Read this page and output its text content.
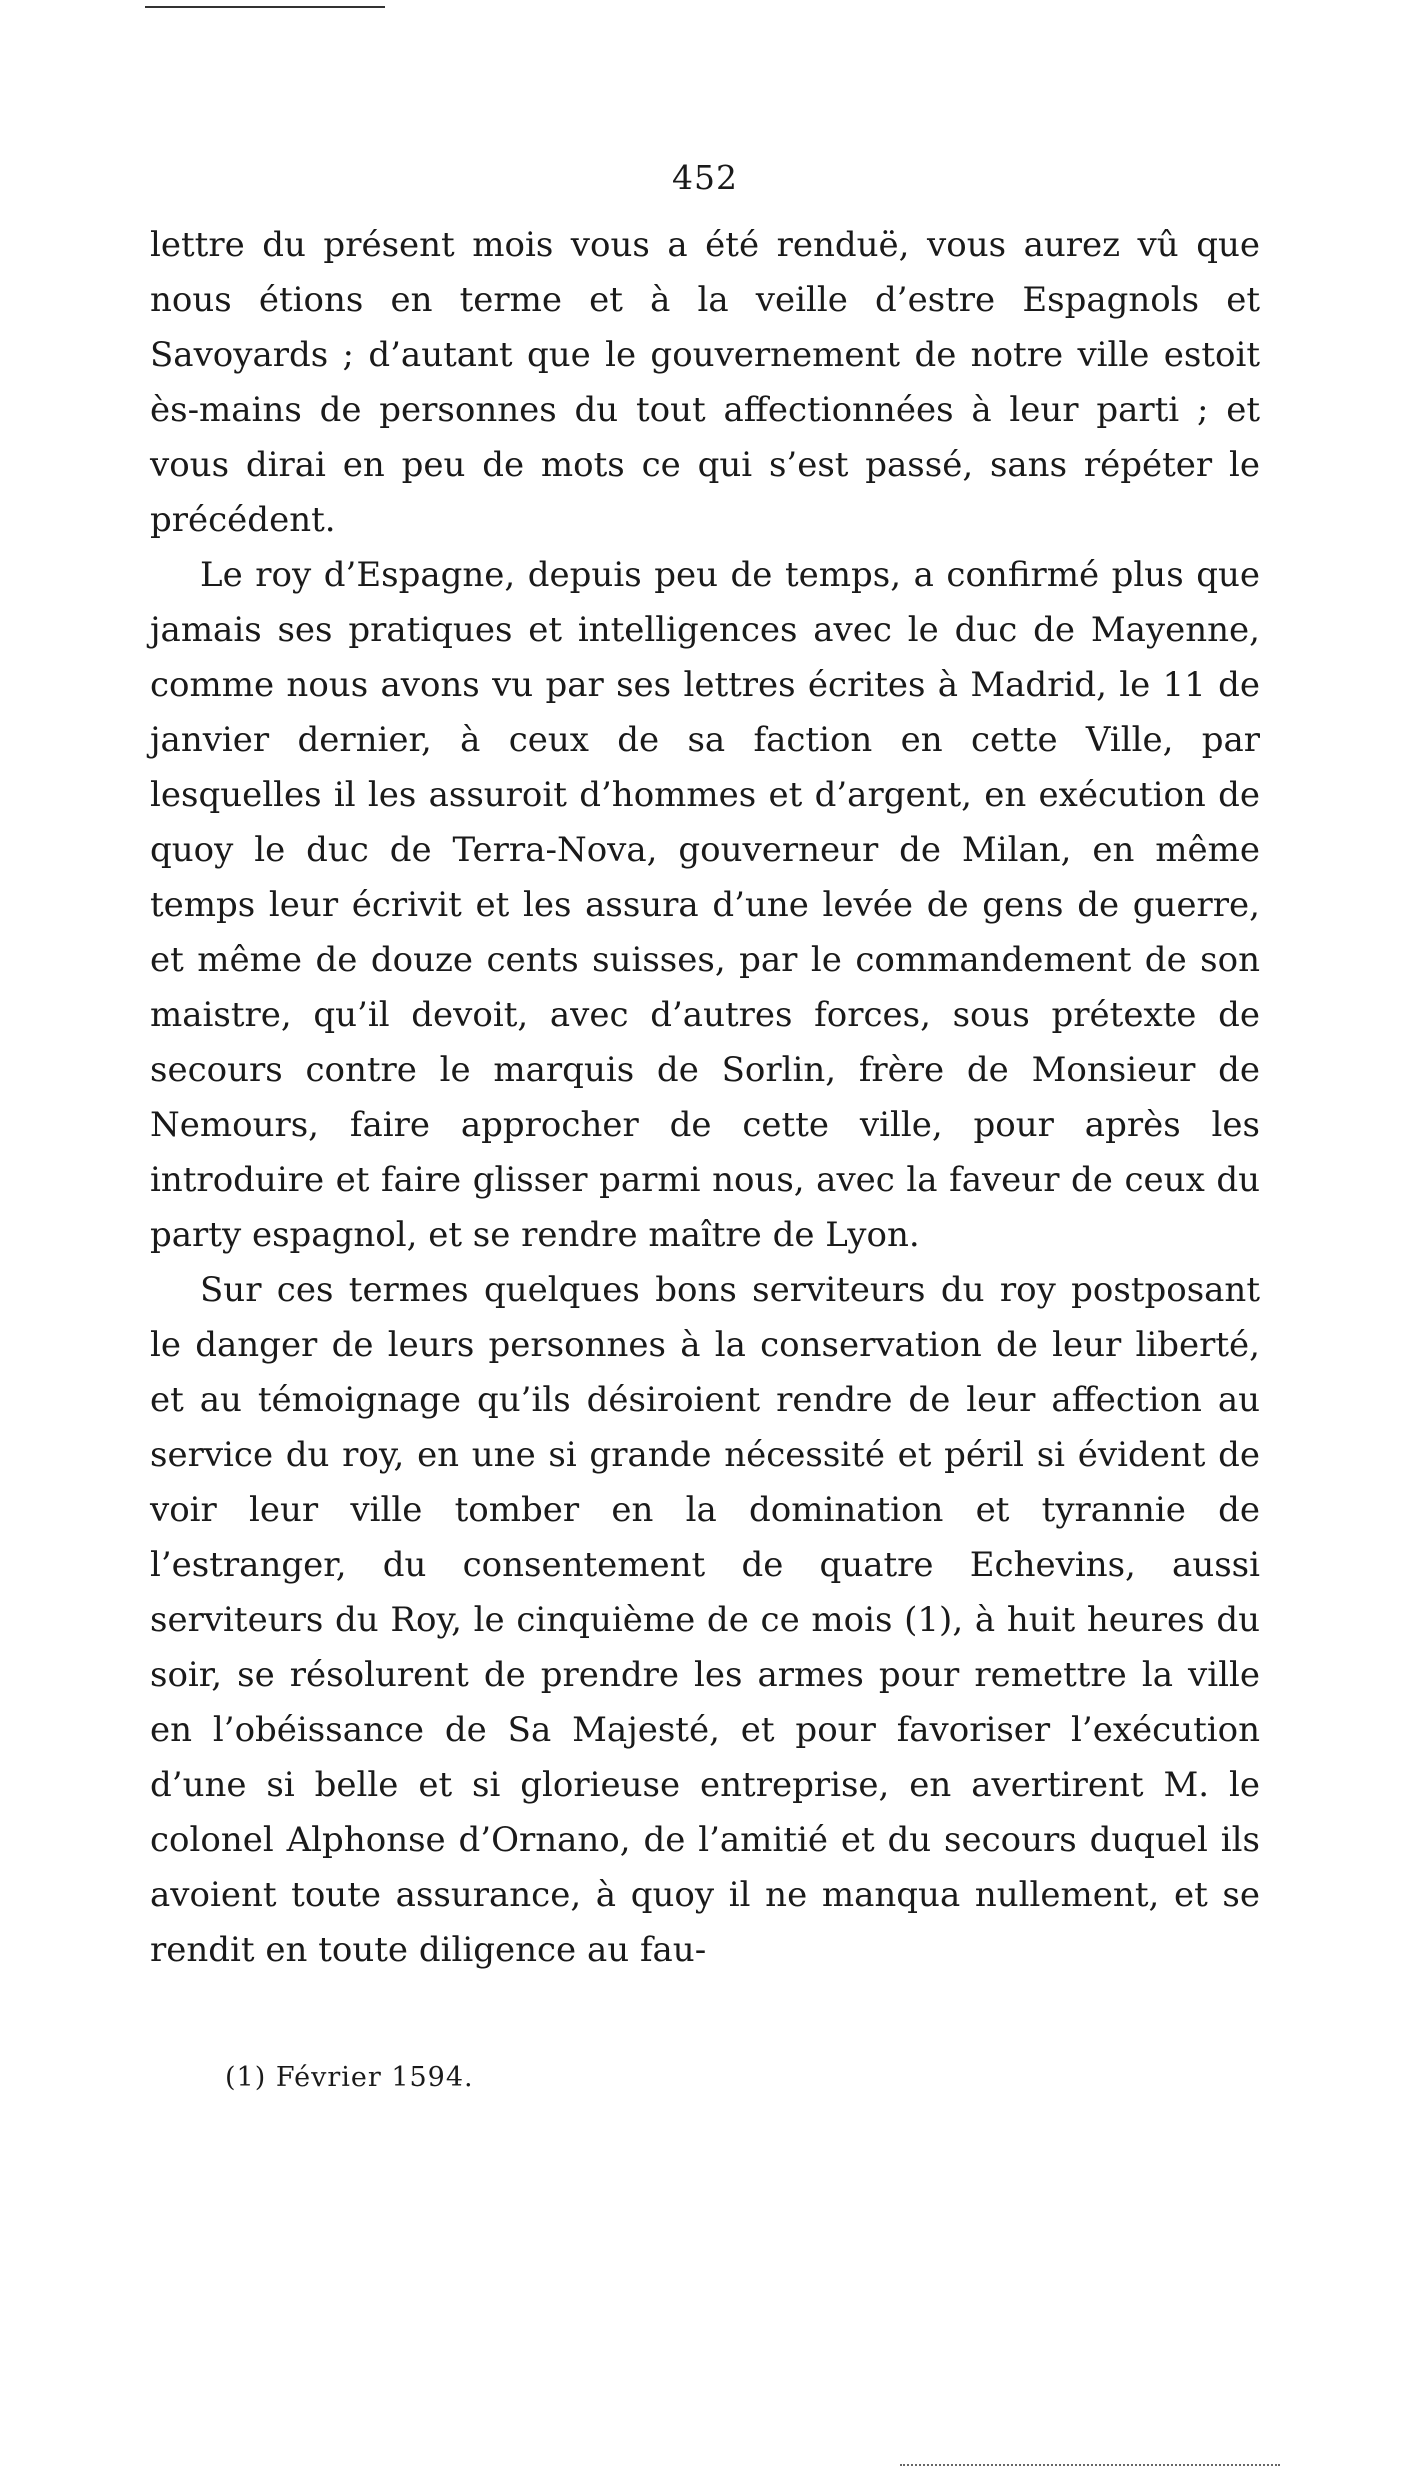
452

lettre du présent mois vous a été renduë, vous aurez vû que nous étions en terme et à la veille d’estre Espagnols et Savoyards ; d’autant que le gouvernement de notre ville estoit ès-mains de personnes du tout affectionnées à leur parti ; et vous dirai en peu de mots ce qui s’est passé, sans répéter le précédent.

Le roy d’Espagne, depuis peu de temps, a confirmé plus que jamais ses pratiques et intelligences avec le duc de Mayenne, comme nous avons vu par ses lettres écrites à Madrid, le 11 de janvier dernier, à ceux de sa faction en cette Ville, par lesquelles il les assuroit d’hommes et d’argent, en exécution de quoy le duc de Terra-Nova, gouverneur de Milan, en même temps leur écrivit et les assura d’une levée de gens de guerre, et même de douze cents suisses, par le commandement de son maistre, qu’il devoit, avec d’autres forces, sous prétexte de secours contre le marquis de Sorlin, frère de Monsieur de Nemours, faire approcher de cette ville, pour après les introduire et faire glisser parmi nous, avec la faveur de ceux du party espagnol, et se rendre maître de Lyon.

Sur ces termes quelques bons serviteurs du roy postposant le danger de leurs personnes à la conservation de leur liberté, et au témoignage qu’ils désiroient rendre de leur affection au service du roy, en une si grande nécessité et péril si évident de voir leur ville tomber en la domination et tyrannie de l’estranger, du consentement de quatre Echevins, aussi serviteurs du Roy, le cinquième de ce mois (1), à huit heures du soir, se résolurent de prendre les armes pour remettre la ville en l’obéissance de Sa Majesté, et pour favoriser l’exécution d’une si belle et si glorieuse entreprise, en avertirent M. le colonel Alphonse d’Ornano, de l’amitié et du secours duquel ils avoient toute assurance, à quoy il ne manqua nullement, et se rendit en toute diligence au fau-

(1) Février 1594.
